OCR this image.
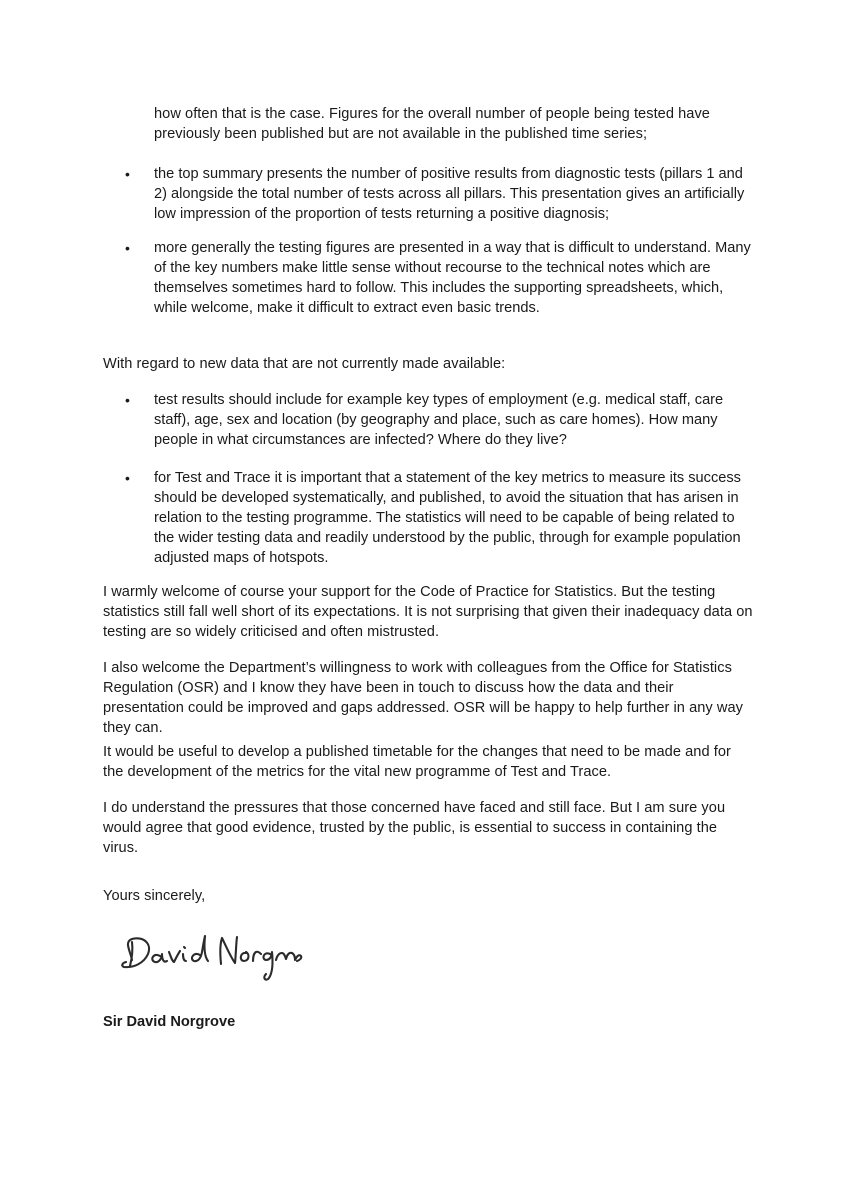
how often that is the case. Figures for the overall number of people being tested have previously been published but are not available in the published time series;
• the top summary presents the number of positive results from diagnostic tests (pillars 1 and 2) alongside the total number of tests across all pillars. This presentation gives an artificially low impression of the proportion of tests returning a positive diagnosis;
• more generally the testing figures are presented in a way that is difficult to understand. Many of the key numbers make little sense without recourse to the technical notes which are themselves sometimes hard to follow. This includes the supporting spreadsheets, which, while welcome, make it difficult to extract even basic trends.
With regard to new data that are not currently made available:
• test results should include for example key types of employment (e.g. medical staff, care staff), age, sex and location (by geography and place, such as care homes). How many people in what circumstances are infected? Where do they live?
• for Test and Trace it is important that a statement of the key metrics to measure its success should be developed systematically, and published, to avoid the situation that has arisen in relation to the testing programme. The statistics will need to be capable of being related to the wider testing data and readily understood by the public, through for example population adjusted maps of hotspots.
I warmly welcome of course your support for the Code of Practice for Statistics. But the testing statistics still fall well short of its expectations. It is not surprising that given their inadequacy data on testing are so widely criticised and often mistrusted.
I also welcome the Department’s willingness to work with colleagues from the Office for Statistics Regulation (OSR) and I know they have been in touch to discuss how the data and their presentation could be improved and gaps addressed. OSR will be happy to help further in any way they can.
It would be useful to develop a published timetable for the changes that need to be made and for the development of the metrics for the vital new programme of Test and Trace.
I do understand the pressures that those concerned have faced and still face. But I am sure you would agree that good evidence, trusted by the public, is essential to success in containing the virus.
Yours sincerely,
Sir David Norgrove
